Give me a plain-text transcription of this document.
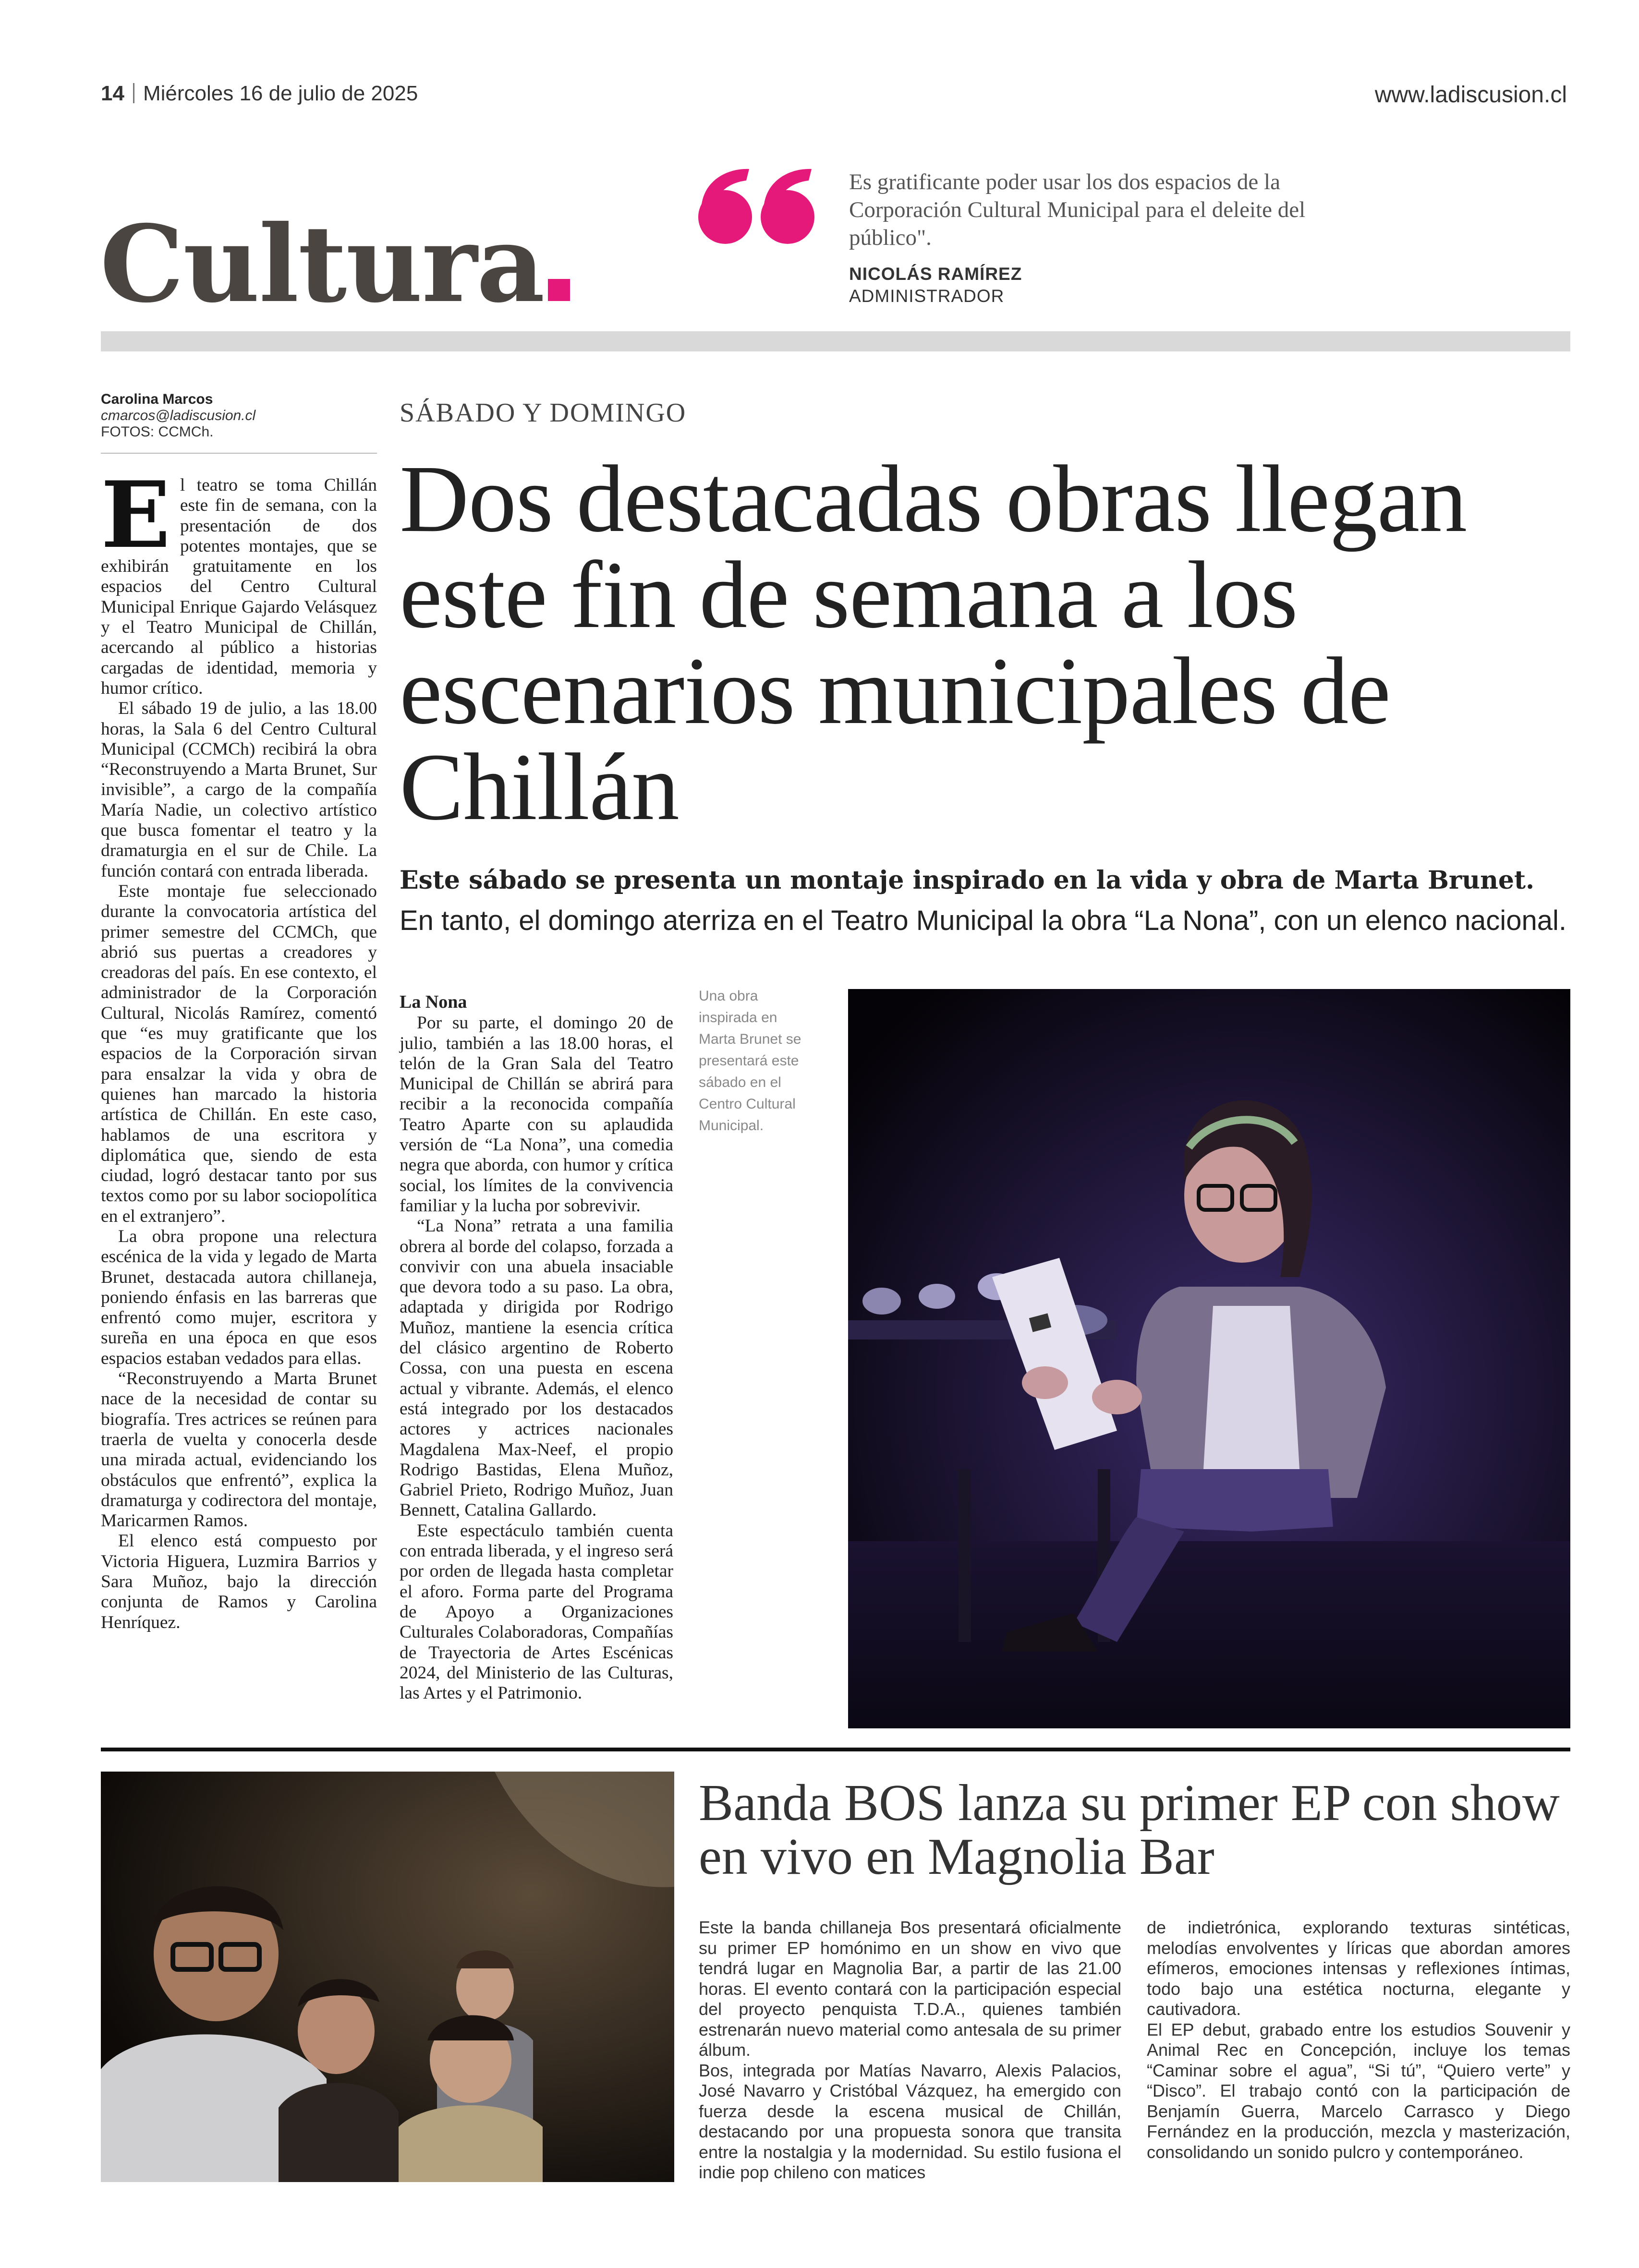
14 Miércoles 16 de julio de 2025	www.ladiscusion.cl
Cultura
Es gratificante poder usar los dos espacios de la Corporación Cultural Municipal para el deleite del público".
NICOLÁS RAMÍREZ
ADMINISTRADOR
Carolina Marcos
cmarcos@ladiscusion.cl
FOTOS: CCMCh.
SÁBADO Y DOMINGO
Dos destacadas obras llegan este fin de semana a los escenarios municipales de Chillán
Este sábado se presenta un montaje inspirado en la vida y obra de Marta Brunet. En tanto, el domingo aterriza en el Teatro Municipal la obra “La Nona”, con un elenco nacional.
E l teatro se toma Chillán este fin de semana, con la presentación de dos potentes montajes, que se exhibirán gratuitamente en los espacios del Centro Cultural Municipal Enrique Gajardo Velásquez y el Teatro Municipal de Chillán, acercando al público a historias cargadas de identidad, memoria y humor crítico.

El sábado 19 de julio, a las 18.00 horas, la Sala 6 del Centro Cultural Municipal (CCMCh) recibirá la obra “Reconstruyendo a Marta Brunet, Sur invisible”, a cargo de la compañía María Nadie, un colectivo artístico que busca fomentar el teatro y la dramaturgia en el sur de Chile. La función contará con entrada liberada.

Este montaje fue seleccionado durante la convocatoria artística del primer semestre del CCMCh, que abrió sus puertas a creadores y creadoras del país. En ese contexto, el administrador de la Corporación Cultural, Nicolás Ramírez, comentó que “es muy gratificante que los espacios de la Corporación sirvan para ensalzar la vida y obra de quienes han marcado la historia artística de Chillán. En este caso, hablamos de una escritora y diplomática que, siendo de esta ciudad, logró destacar tanto por sus textos como por su labor sociopolítica en el extranjero”.

La obra propone una relectura escénica de la vida y legado de Marta Brunet, destacada autora chillaneja, poniendo énfasis en las barreras que enfrentó como mujer, escritora y sureña en una época en que esos espacios estaban vedados para ellas.

“Reconstruyendo a Marta Brunet nace de la necesidad de contar su biografía. Tres actrices se reúnen para traerla de vuelta y conocerla desde una mirada actual, evidenciando los obstáculos que enfrentó”, explica la dramaturga y codirectora del montaje, Maricarmen Ramos.

El elenco está compuesto por Victoria Higuera, Luzmira Barrios y Sara Muñoz, bajo la dirección conjunta de Ramos y Carolina Henríquez.

La Nona

Por su parte, el domingo 20 de julio, también a las 18.00 horas, el telón de la Gran Sala del Teatro Municipal de Chillán se abrirá para recibir a la reconocida compañía Teatro Aparte con su aplaudida versión de “La Nona”, una comedia negra que aborda, con humor y crítica social, los límites de la convivencia familiar y la lucha por sobrevivir.

“La Nona” retrata a una familia obrera al borde del colapso, forzada a convivir con una abuela insaciable que devora todo a su paso. La obra, adaptada y dirigida por Rodrigo Muñoz, mantiene la esencia crítica del clásico argentino de Roberto Cossa, con una puesta en escena actual y vibrante. Además, el elenco está integrado por los destacados actores y actrices nacionales Magdalena Max-Neef, el propio Rodrigo Bastidas, Elena Muñoz, Gabriel Prieto, Rodrigo Muñoz, Juan Bennett, Catalina Gallardo.

Este espectáculo también cuenta con entrada liberada, y el ingreso será por orden de llegada hasta completar el aforo. Forma parte del Programa de Apoyo a Organizaciones Culturales Colaboradoras, Compañías de Trayectoria de Artes Escénicas 2024, del Ministerio de las Culturas, las Artes y el Patrimonio.

Una obra inspirada en Marta Brunet se presentará este sábado en el Centro Cultural Municipal.
Banda BOS lanza su primer EP con show en vivo en Magnolia Bar

Este la banda chillaneja Bos presentará oficialmente su primer EP homónimo en un show en vivo que tendrá lugar en Magnolia Bar, a partir de las 21.00 horas. El evento contará con la participación especial del proyecto penquista T.D.A., quienes también estrenarán nuevo material como antesala de su primer álbum.

Bos, integrada por Matías Navarro, Alexis Palacios, José Navarro y Cristóbal Vázquez, ha emergido con fuerza desde la escena musical de Chillán, destacando por una propuesta sonora que transita entre la nostalgia y la modernidad. Su estilo fusiona el indie pop chileno con matices

de indietrónica, explorando texturas sintéticas, melodías envolventes y líricas que abordan amores efímeros, emociones intensas y reflexiones íntimas, todo bajo una estética nocturna, elegante y cautivadora.

El EP debut, grabado entre los estudios Souvenir y Animal Rec en Concepción, incluye los temas “Caminar sobre el agua”, “Si tú”, “Quiero verte” y “Disco”. El trabajo contó con la participación de Benjamín Guerra, Marcelo Carrasco y Diego Fernández en la producción, mezcla y masterización, consolidando un sonido pulcro y contemporáneo.
